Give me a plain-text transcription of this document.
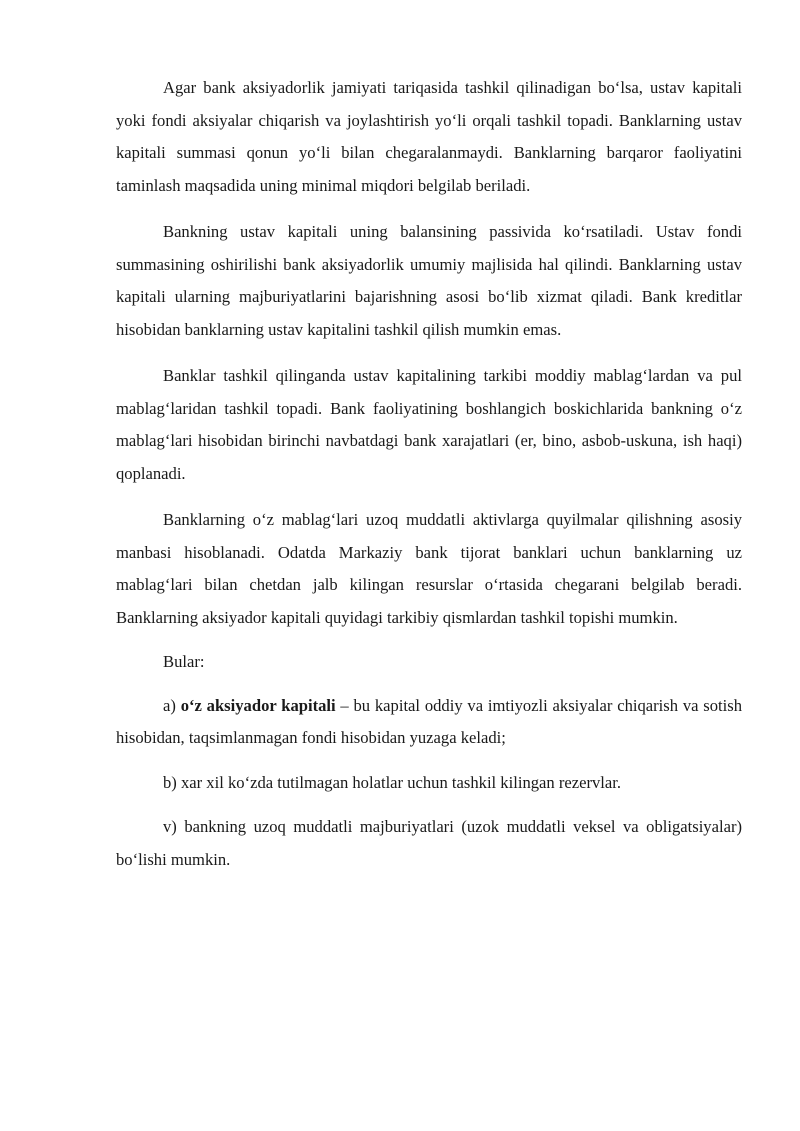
Agar bank aksiyadorlik jamiyati tariqasida tashkil qilinadigan bo‘lsa, ustav kapitali yoki fondi aksiyalar chiqarish va joylashtirish yo‘li orqali tashkil topadi. Banklarning ustav kapitali summasi qonun yo‘li bilan chegaralanmaydi. Banklarning barqaror faoliyatini taminlash maqsadida uning minimal miqdori belgilab beriladi.

Bankning ustav kapitali uning balansining passivida ko‘rsatiladi. Ustav fondi summasining oshirilishi bank aksiyadorlik umumiy majlisida hal qilindi. Banklarning ustav kapitali ularning majburiyatlarini bajarishning asosi bo‘lib xizmat qiladi. Bank kreditlar hisobidan banklarning ustav kapitalini tashkil qilish mumkin emas.

Banklar tashkil qilinganda ustav kapitalining tarkibi moddiy mablag‘lardan va pul mablag‘laridan tashkil topadi. Bank faoliyatining boshlangich boskichlarida bankning o‘z mablag‘lari hisobidan birinchi navbatdagi bank xarajatlari (er, bino, asbob-uskuna, ish haqi) qoplanadi.

Banklarning o‘z mablag‘lari uzoq muddatli aktivlarga quyilmalar qilishning asosiy manbasi hisoblanadi. Odatda Markaziy bank tijorat banklari uchun banklarning uz mablag‘lari bilan chetdan jalb kilingan resurslar o‘rtasida chegarani belgilab beradi. Banklarning aksiyador kapitali quyidagi tarkibiy qismlardan tashkil topishi mumkin.

Bular:

a) o‘z aksiyador kapitali – bu kapital oddiy va imtiyozli aksiyalar chiqarish va sotish hisobidan, taqsimlanmagan fondi hisobidan yuzaga keladi;

b) xar xil ko‘zda tutilmagan holatlar uchun tashkil kilingan rezervlar.

v) bankning uzoq muddatli majburiyatlari (uzok muddatli veksel va obligatsiyalar) bo‘lishi mumkin.
